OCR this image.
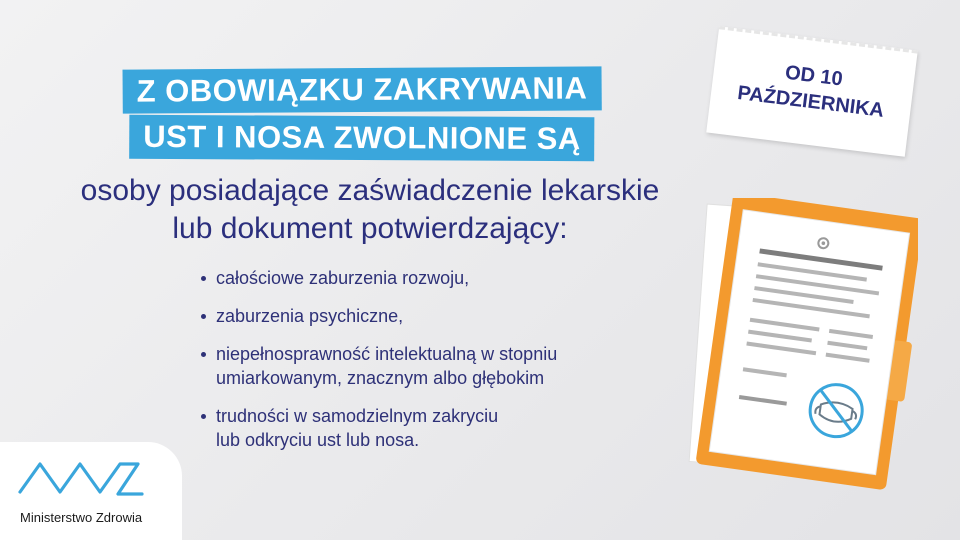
Z OBOWIĄZKU ZAKRYWANIA
UST I NOSA ZWOLNIONE SĄ
osoby posiadające zaświadczenie lekarskie
lub dokument potwierdzający:
całościowe zaburzenia rozwoju,
zaburzenia psychiczne,
niepełnosprawność intelektualną w stopniu
umiarkowanym, znacznym albo głębokim
trudności w samodzielnym zakryciu
lub odkryciu ust lub nosa.
OD 10
PAŹDZIERNIKA
Ministerstwo Zdrowia
